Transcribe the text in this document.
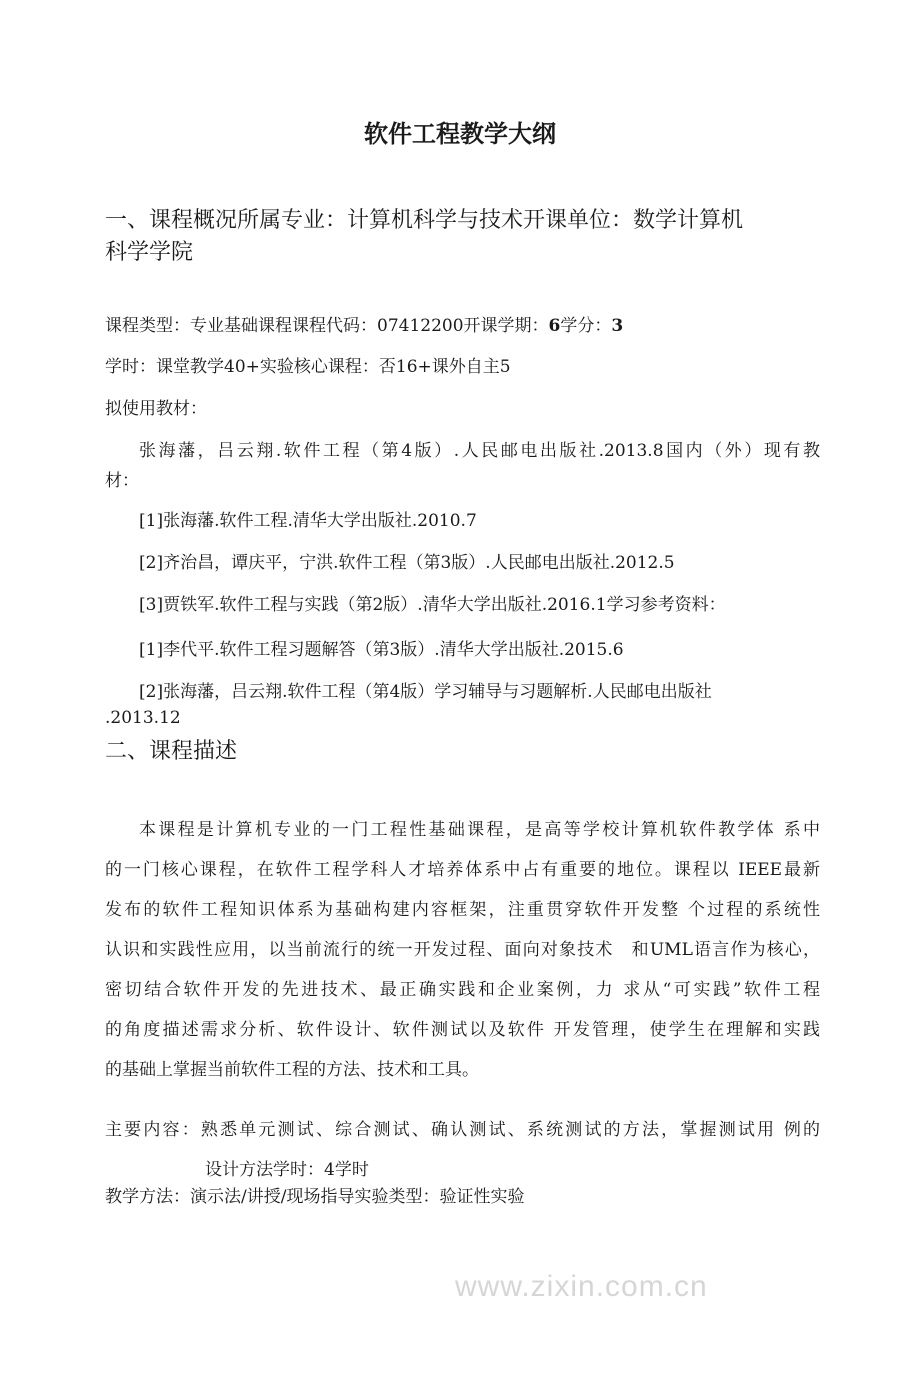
www.zixin.com.cn
软件工程教学大纲
一、课程概况所属专业：计算机科学与技术开课单位：数学计算机
科学学院
课程类型：专业基础课程课程代码：07412200开课学期：6学分：3
学时：课堂教学40+实验核心课程：否16+课外自主5
拟使用教材：
张海藩，吕云翔.软件工程（第4版）.人民邮电出版社.2013.8国内（外）现有教
材：
[1]张海藩.软件工程.清华大学出版社.2010.7
[2]齐治昌，谭庆平，宁洪.软件工程（第3版）.人民邮电出版社.2012.5
[3]贾铁军.软件工程与实践（第2版）.清华大学出版社.2016.1学习参考资料：
[1]李代平.软件工程习题解答（第3版）.清华大学出版社.2015.6
[2]张海藩，吕云翔.软件工程（第4版）学习辅导与习题解析.人民邮电出版社
.2013.12
二、课程描述
本课程是计算机专业的一门工程性基础课程，是高等学校计算机软件教学体 系中
的一门核心课程，在软件工程学科人才培养体系中占有重要的地位。课程以 IEEE最新
发布的软件工程知识体系为基础构建内容框架，注重贯穿软件开发整 个过程的系统性
认识和实践性应用，以当前流行的统一开发过程、面向对象技术　和UML语言作为核心，
密切结合软件开发的先进技术、最正确实践和企业案例，力 求从“可实践”软件工程
的角度描述需求分析、软件设计、软件测试以及软件 开发管理，使学生在理解和实践
的基础上掌握当前软件工程的方法、技术和工具。
主要内容：熟悉单元测试、综合测试、确认测试、系统测试的方法，掌握测试用 例的
设计方法学时：4学时
教学方法：演示法/讲授/现场指导实验类型：验证性实验
